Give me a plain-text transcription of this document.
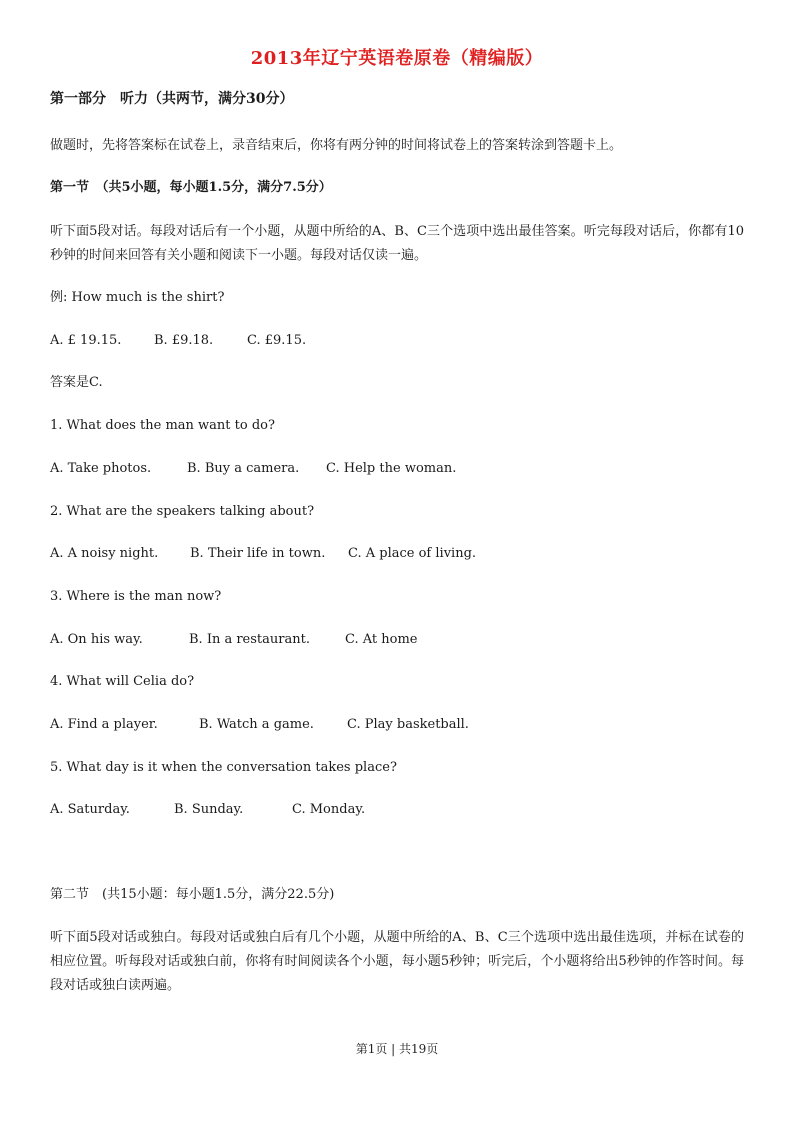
2013年辽宁英语卷原卷（精编版）
第一部分　听力（共两节，满分30分）
做题时，先将答案标在试卷上，录音结束后，你将有两分钟的时间将试卷上的答案转涂到答题卡上。
第一节　（共5小题，每小题1.5分，满分7.5分）
听下面5段对话。每段对话后有一个小题，从题中所给的A、B、C三个选项中选出最佳答案。听完每段对话后，你都有10秒钟的时间来回答有关小题和阅读下一小题。每段对话仅读一遍。
例: How much is the shirt?
A. £ 19.15.	B. £9.18.	C. £9.15.
答案是C.
1. What does the man want to do?
A. Take photos.	B. Buy a camera. C. Help the woman.
2. What are the speakers talking about?
A. A noisy night. B. Their life in town. C. A place of living.
3. Where is the man now?
A. On his way.	B. In a restaurant.	C. At home
4. What will Celia do?
A. Find a player.	B. Watch a game.	C. Play basketball.
5. What day is it when the conversation takes place?
A. Saturday.	B. Sunday.	C. Monday.
第二节　(共15小题：每小题1.5分，满分22.5分)
听下面5段对话或独白。每段对话或独白后有几个小题，从题中所给的A、B、C三个选项中选出最佳选项，并标在试卷的相应位置。听每段对话或独白前，你将有时间阅读各个小题，每小题5秒钟；听完后，个小题将给出5秒钟的作答时间。每段对话或独白读两遍。
第1页 | 共19页
